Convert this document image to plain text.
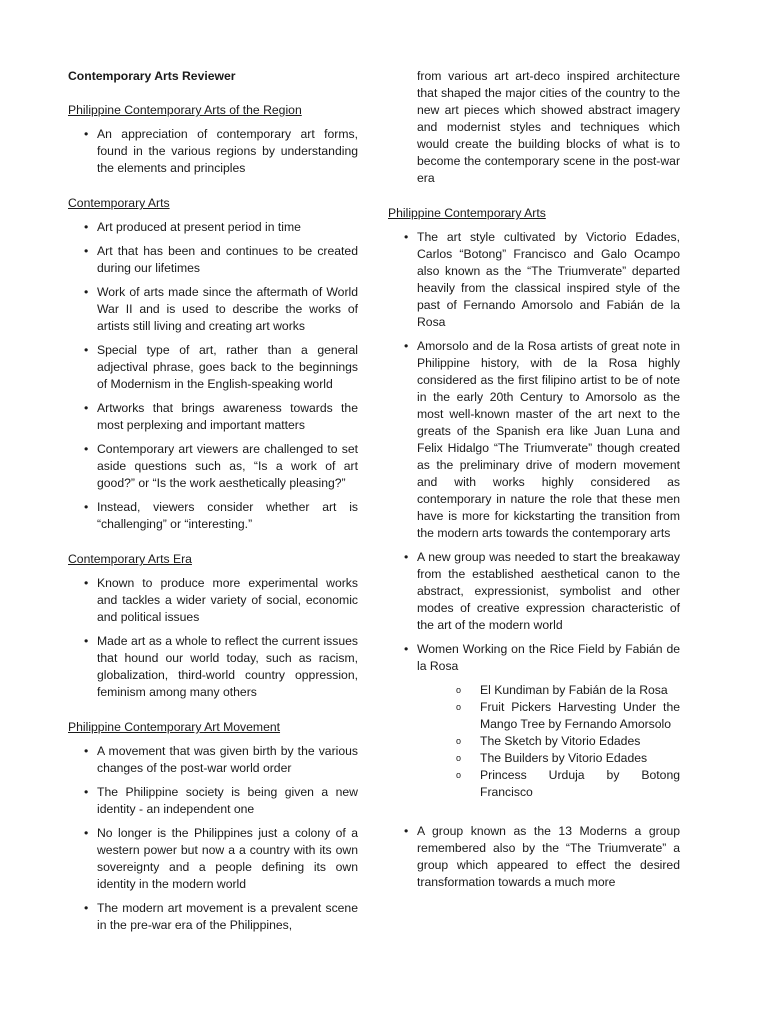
Contemporary Arts Reviewer
Philippine Contemporary Arts of the Region
• An appreciation of contemporary art forms, found in the various regions by understanding the elements and principles
Contemporary Arts
• Art produced at present period in time
• Art that has been and continues to be created during our lifetimes
• Work of arts made since the aftermath of World War II and is used to describe the works of artists still living and creating art works
• Special type of art, rather than a general adjectival phrase, goes back to the beginnings of Modernism in the English-speaking world
• Artworks that brings awareness towards the most perplexing and important matters
• Contemporary art viewers are challenged to set aside questions such as, “Is a work of art good?” or “Is the work aesthetically pleasing?”
• Instead, viewers consider whether art is “challenging” or “interesting.”
Contemporary Arts Era
• Known to produce more experimental works and tackles a wider variety of social, economic and political issues
• Made art as a whole to reflect the current issues that hound our world today, such as racism, globalization, third-world country oppression, feminism among many others
Philippine Contemporary Art Movement
• A movement that was given birth by the various changes of the post-war world order
• The Philippine society is being given a new identity - an independent one
• No longer is the Philippines just a colony of a western power but now a a country with its own sovereignty and a people defining its own identity in the modern world
• The modern art movement is a prevalent scene in the pre-war era of the Philippines,
from various art art-deco inspired architecture that shaped the major cities of the country to the new art pieces which showed abstract imagery and modernist styles and techniques which would create the building blocks of what is to become the contemporary scene in the post-war era
Philippine Contemporary Arts
• The art style cultivated by Victorio Edades, Carlos “Botong” Francisco and Galo Ocampo also known as the “The Triumverate” departed heavily from the classical inspired style of the past of Fernando Amorsolo and Fabián de la Rosa
• Amorsolo and de la Rosa artists of great note in Philippine history, with de la Rosa highly considered as the first filipino artist to be of note in the early 20th Century to Amorsolo as the most well-known master of the art next to the greats of the Spanish era like Juan Luna and Felix Hidalgo “The Triumverate” though created as the preliminary drive of modern movement and with works highly considered as contemporary in nature the role that these men have is more for kickstarting the transition from the modern arts towards the contemporary arts
• A new group was needed to start the breakaway from the established aesthetical canon to the abstract, expressionist, symbolist and other modes of creative expression characteristic of the art of the modern world
• Women Working on the Rice Field by Fabián de la Rosa
o El Kundiman by Fabián de la Rosa
o Fruit Pickers Harvesting Under the Mango Tree by Fernando Amorsolo
o The Sketch by Vitorio Edades
o The Builders by Vitorio Edades
o Princess Urduja by Botong Francisco
• A group known as the 13 Moderns a group remembered also by the “The Triumverate” a group which appeared to effect the desired transformation towards a much more
